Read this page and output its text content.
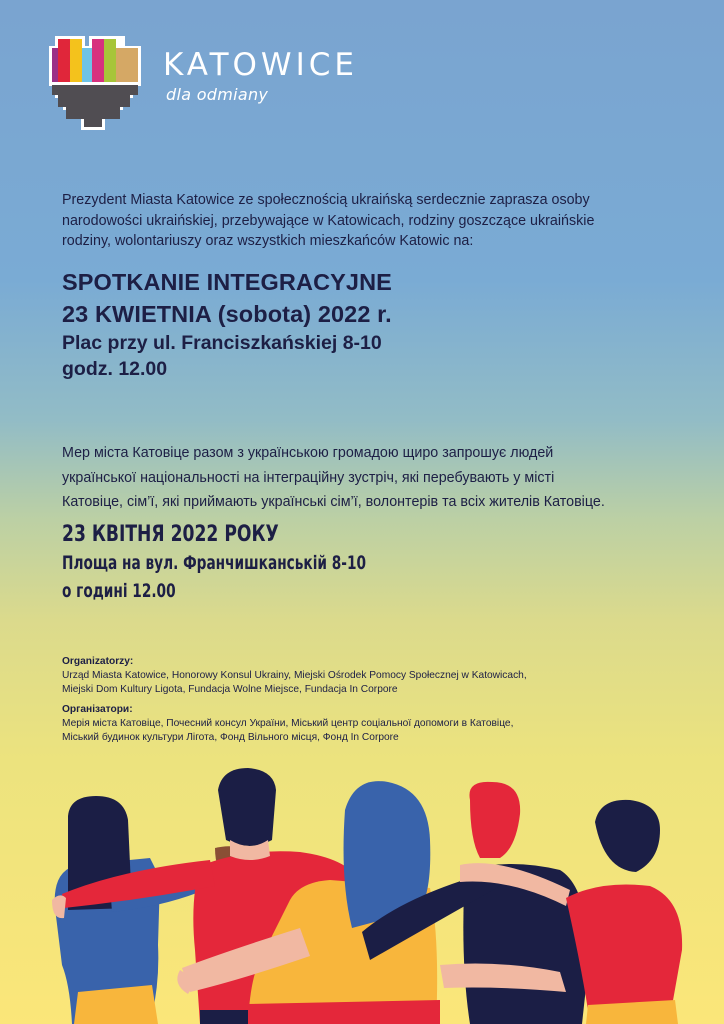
KATOWICE
dla odmiany
Prezydent Miasta Katowice ze społecznością ukraińską serdecznie zaprasza osoby
narodowości ukraińskiej, przebywające w Katowicach, rodziny goszczące ukraińskie
rodziny, wolontariuszy oraz wszystkich mieszkańców Katowic na:
SPOTKANIE INTEGRACYJNE
23 KWIETNIA (sobota) 2022 r.
Plac przy ul. Franciszkańskiej 8-10
godz. 12.00
Мер міста Катовіце разом з українською громадою щиро запрошує людей
української національності на інтеграційну зустріч, які перебувають у місті
Катовіце, сім’ї, які приймають українські сім’ї, волонтерів та всіх жителів Катовіце.
23 КВІТНЯ 2022 РОКУ
Площа на вул. Франчишканській 8-10
о годині 12.00
Organizatorzy:
Urząd Miasta Katowice, Honorowy Konsul Ukrainy, Miejski Ośrodek Pomocy Społecznej w Katowicach,
Miejski Dom Kultury Ligota, Fundacja Wolne Miejsce, Fundacja In Corpore
Організатори:
Мерія міста Катовіце, Почесний консул України, Міський центр соціальної допомоги в Катовіце,
Міський будинок культури Лігота, Фонд Вільного місця, Фонд In Corpore
